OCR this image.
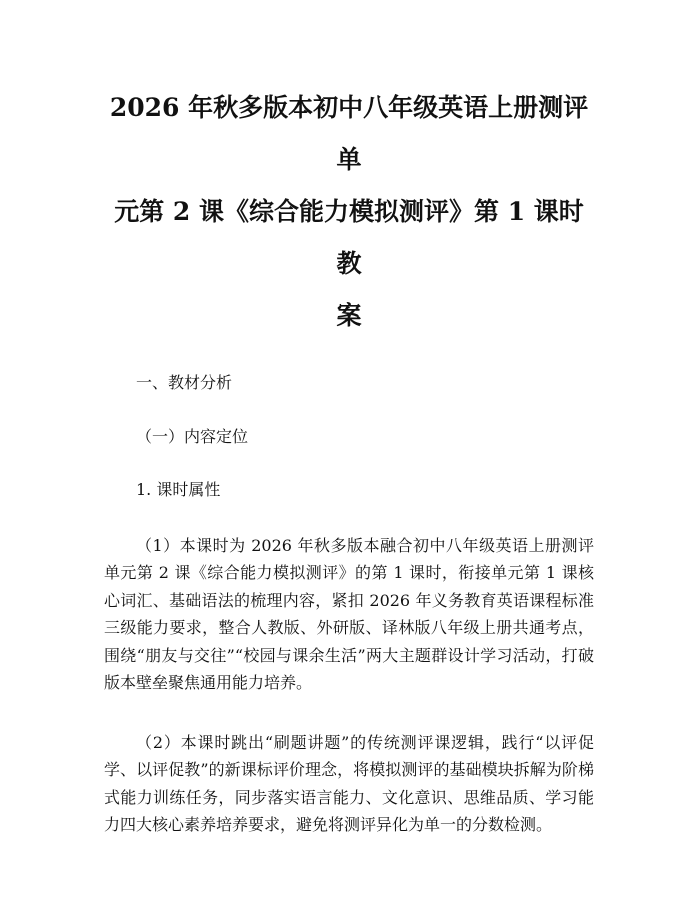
2026 年秋多版本初中八年级英语上册测评单
元第 2 课《综合能力模拟测评》第 1 课时教
案

一、教材分析

（一）内容定位

1. 课时属性

（1）本课时为 2026 年秋多版本融合初中八年级英语上册测评单元第 2 课《综合能力模拟测评》的第 1 课时，衔接单元第 1 课核心词汇、基础语法的梳理内容，紧扣 2026 年义务教育英语课程标准三级能力要求，整合人教版、外研版、译林版八年级上册共通考点，围绕“朋友与交往”“校园与课余生活”两大主题群设计学习活动，打破版本壁垒聚焦通用能力培养。

（2）本课时跳出“刷题讲题”的传统测评课逻辑，践行“以评促学、以评促教”的新课标评价理念，将模拟测评的基础模块拆解为阶梯式能力训练任务，同步落实语言能力、文化意识、思维品质、学习能力四大核心素养培养要求，避免将测评异化为单一的分数检测。
